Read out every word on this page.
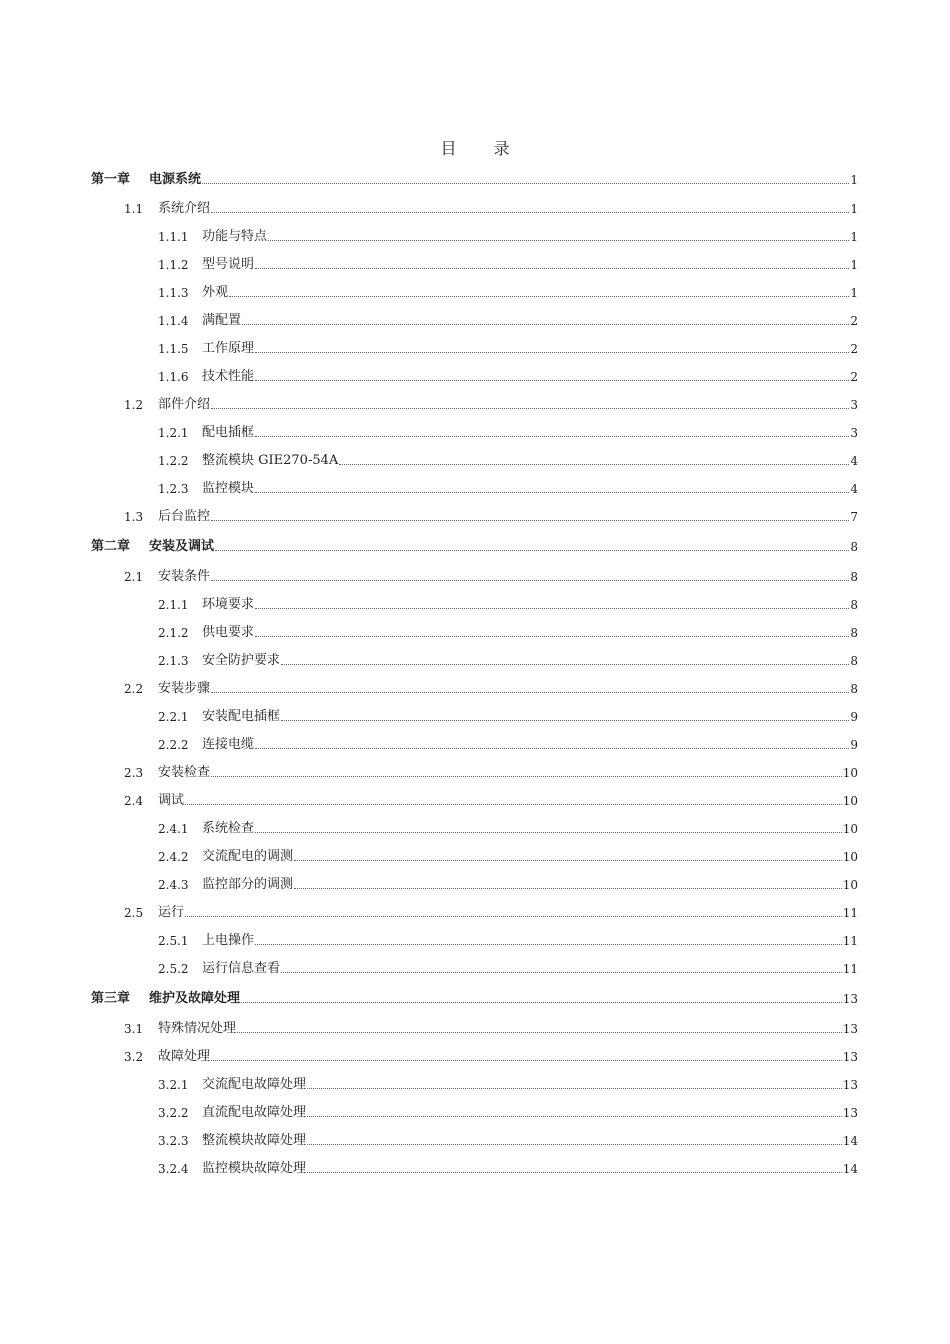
目 录
第一章	电源系统	1
1.1	系统介绍	1
1.1.1	功能与特点	1
1.1.2	型号说明	1
1.1.3	外观	1
1.1.4	满配置	2
1.1.5	工作原理	2
1.1.6	技术性能	2
1.2	部件介绍	3
1.2.1	配电插框	3
1.2.2	整流模块 GIE270-54A	4
1.2.3	监控模块	4
1.3	后台监控	7
第二章	安装及调试	8
2.1	安装条件	8
2.1.1	环境要求	8
2.1.2	供电要求	8
2.1.3	安全防护要求	8
2.2	安装步骤	8
2.2.1	安装配电插框	9
2.2.2	连接电缆	9
2.3	安装检查	10
2.4	调试	10
2.4.1	系统检查	10
2.4.2	交流配电的调测	10
2.4.3	监控部分的调测	10
2.5	运行	11
2.5.1	上电操作	11
2.5.2	运行信息查看	11
第三章	维护及故障处理	13
3.1	特殊情况处理	13
3.2	故障处理	13
3.2.1	交流配电故障处理	13
3.2.2	直流配电故障处理	13
3.2.3	整流模块故障处理	14
3.2.4	监控模块故障处理	14
